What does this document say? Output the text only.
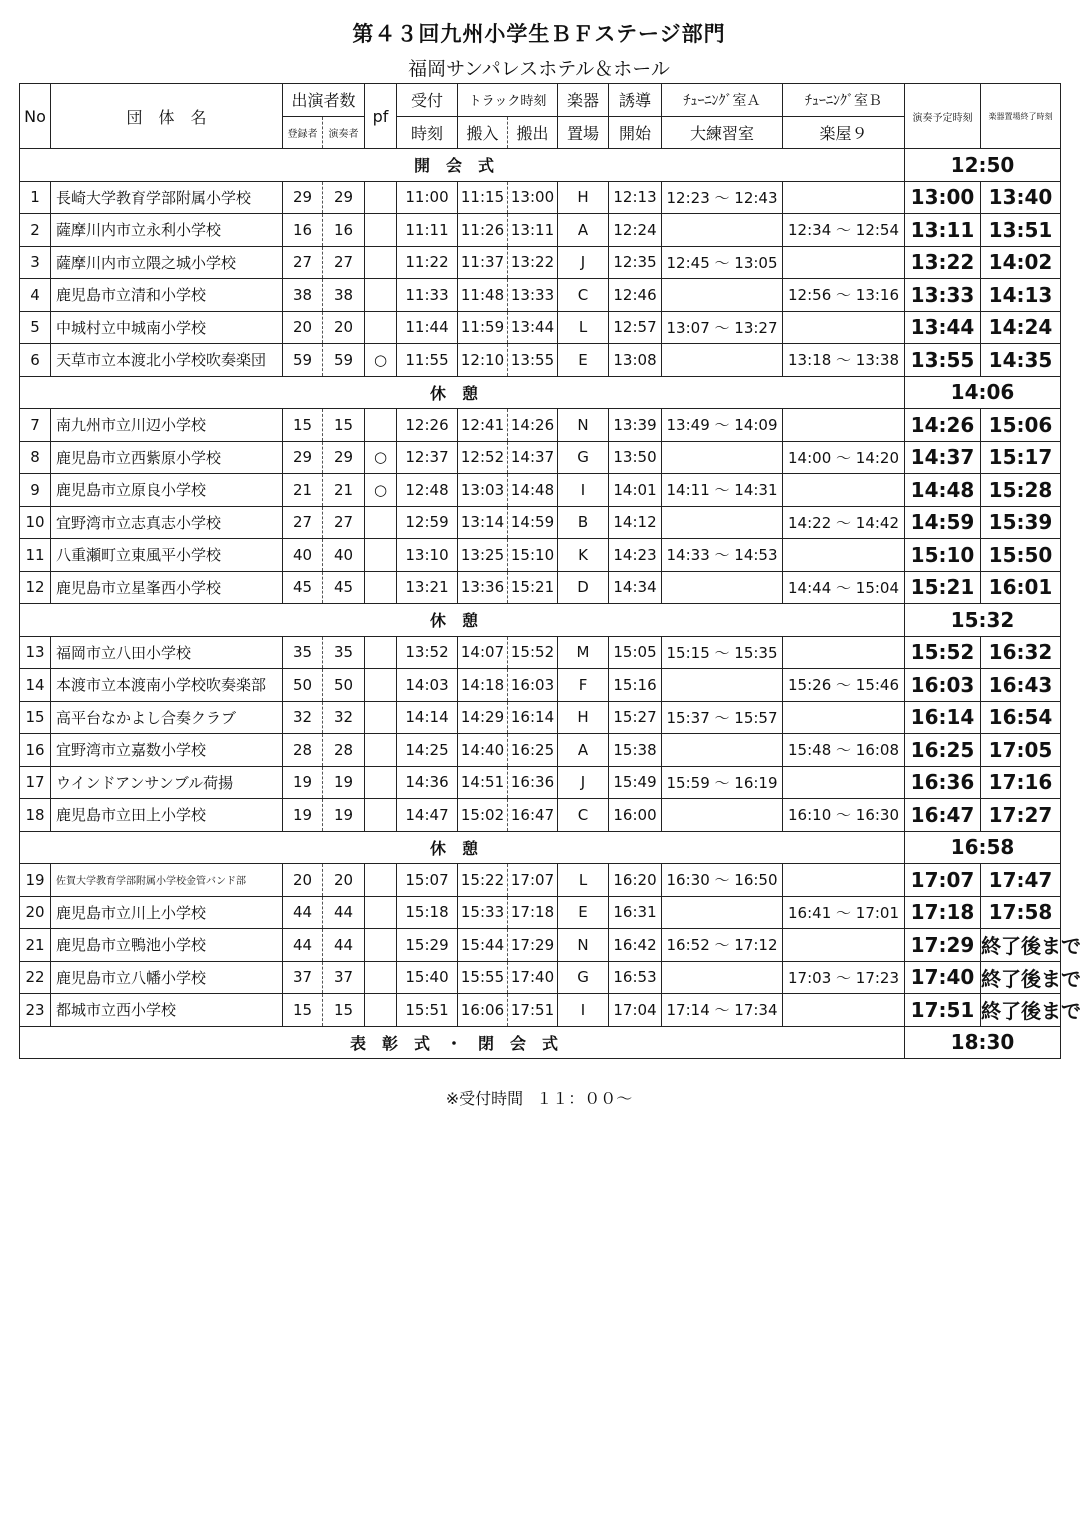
第４３回九州小学生ＢＦステージ部門
福岡サンパレスホテル＆ホール
No	団　体　名	出演者数		pf	受付	トラック時刻		楽器	誘導	ﾁｭｰﾆﾝｸﾞ室Ａ	ﾁｭｰﾆﾝｸﾞ室Ｂ	演奏予定時刻	楽器置場終了時刻
		登録者	演奏者		時刻	搬入	搬出	置場	開始	大練習室	楽屋９		
開会式												12:50	
1	長崎大学教育学部附属小学校	29	29		11:00	11:15	13:00	H	12:13	12:23 ～ 12:43		13:00	13:40
2	薩摩川内市立永利小学校	16	16		11:11	11:26	13:11	A	12:24		12:34 ～ 12:54	13:11	13:51
3	薩摩川内市立隈之城小学校	27	27		11:22	11:37	13:22	J	12:35	12:45 ～ 13:05		13:22	14:02
4	鹿児島市立清和小学校	38	38		11:33	11:48	13:33	C	12:46		12:56 ～ 13:16	13:33	14:13
5	中城村立中城南小学校	20	20		11:44	11:59	13:44	L	12:57	13:07 ～ 13:27		13:44	14:24
6	天草市立本渡北小学校吹奏楽団	59	59	○	11:55	12:10	13:55	E	13:08		13:18 ～ 13:38	13:55	14:35
休憩												14:06	
7	南九州市立川辺小学校	15	15		12:26	12:41	14:26	N	13:39	13:49 ～ 14:09		14:26	15:06
8	鹿児島市立西紫原小学校	29	29	○	12:37	12:52	14:37	G	13:50		14:00 ～ 14:20	14:37	15:17
9	鹿児島市立原良小学校	21	21	○	12:48	13:03	14:48	I	14:01	14:11 ～ 14:31		14:48	15:28
10	宜野湾市立志真志小学校	27	27		12:59	13:14	14:59	B	14:12		14:22 ～ 14:42	14:59	15:39
11	八重瀬町立東風平小学校	40	40		13:10	13:25	15:10	K	14:23	14:33 ～ 14:53		15:10	15:50
12	鹿児島市立星峯西小学校	45	45		13:21	13:36	15:21	D	14:34		14:44 ～ 15:04	15:21	16:01
休憩												15:32	
13	福岡市立八田小学校	35	35		13:52	14:07	15:52	M	15:05	15:15 ～ 15:35		15:52	16:32
14	本渡市立本渡南小学校吹奏楽部	50	50		14:03	14:18	16:03	F	15:16		15:26 ～ 15:46	16:03	16:43
15	高平台なかよし合奏クラブ	32	32		14:14	14:29	16:14	H	15:27	15:37 ～ 15:57		16:14	16:54
16	宜野湾市立嘉数小学校	28	28		14:25	14:40	16:25	A	15:38		15:48 ～ 16:08	16:25	17:05
17	ウインドアンサンブル荷揚	19	19		14:36	14:51	16:36	J	15:49	15:59 ～ 16:19		16:36	17:16
18	鹿児島市立田上小学校	19	19		14:47	15:02	16:47	C	16:00		16:10 ～ 16:30	16:47	17:27
休憩												16:58	
19	佐賀大学教育学部附属小学校金管バンド部	20	20		15:07	15:22	17:07	L	16:20	16:30 ～ 16:50		17:07	17:47
20	鹿児島市立川上小学校	44	44		15:18	15:33	17:18	E	16:31		16:41 ～ 17:01	17:18	17:58
21	鹿児島市立鴨池小学校	44	44		15:29	15:44	17:29	N	16:42	16:52 ～ 17:12		17:29	終了後まで
22	鹿児島市立八幡小学校	37	37		15:40	15:55	17:40	G	16:53		17:03 ～ 17:23	17:40	終了後まで
23	都城市立西小学校	15	15		15:51	16:06	17:51	I	17:04	17:14 ～ 17:34		17:51	終了後まで
表彰式・閉会式												18:30	
※受付時間 １１：００～
